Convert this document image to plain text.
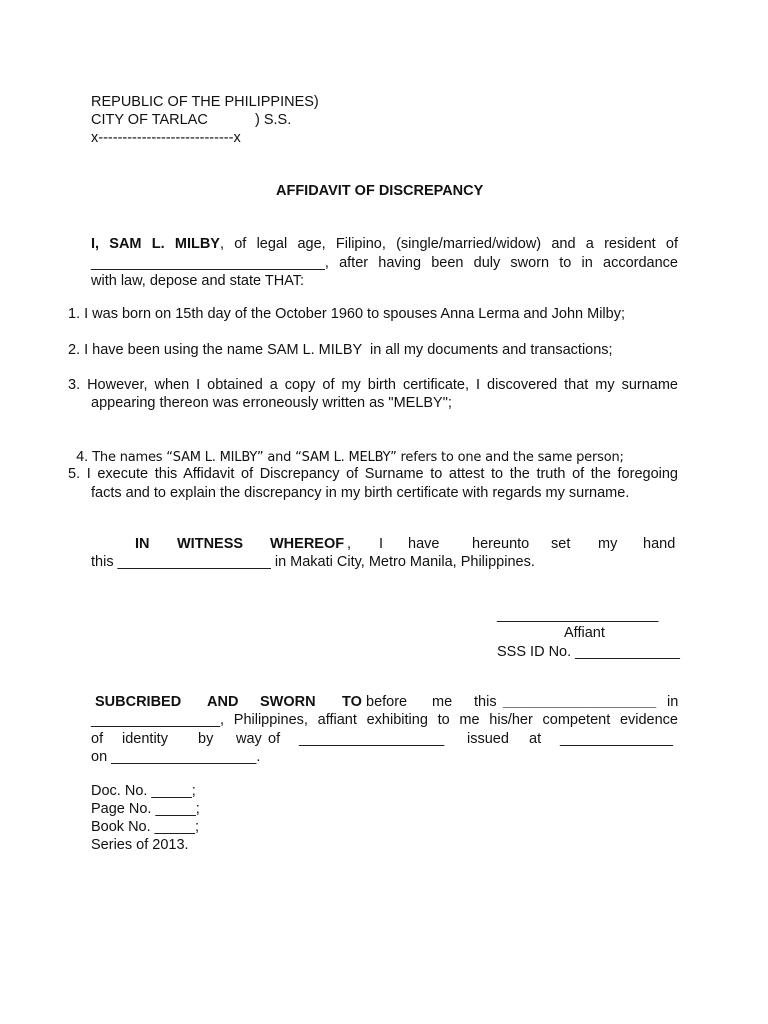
REPUBLIC OF THE PHILIPPINES)
CITY OF TARLAC	) S.S.
x----------------------------x
AFFIDAVIT OF DISCREPANCY
I, SAM L. MILBY, of legal age, Filipino, (single/married/widow) and a resident of
_____________________________, after having been duly sworn to in accordance
with law, depose and state THAT:
1. I was born on 15th day of the October 1960 to spouses Anna Lerma and John Milby;
2. I have been using the name SAM L. MILBY  in all my documents and transactions;
3. However, when I obtained a copy of my birth certificate, I discovered that my surname
appearing thereon was erroneously written as "MELBY";

4. The names “SAM L. MILBY” and “SAM L. MELBY” refers to one and the same person;

5. I execute this Affidavit of Discrepancy of Surname to attest to the truth of the foregoing
facts and to explain the discrepancy in my birth certificate with regards my surname.
IN WITNESS WHEREOF , I have hereunto set my hand
this ___________________ in Makati City, Metro Manila, Philippines.
____________________
Affiant
SSS ID No. _____________
SUBCRIBED AND SWORN TO before me this ___________________ in
________________, Philippines, affiant exhibiting to me his/her competent evidence
of identity by way of __________________ issued at ______________
on __________________.
Doc. No. _____;
Page No. _____;
Book No. _____;
Series of 2013.
